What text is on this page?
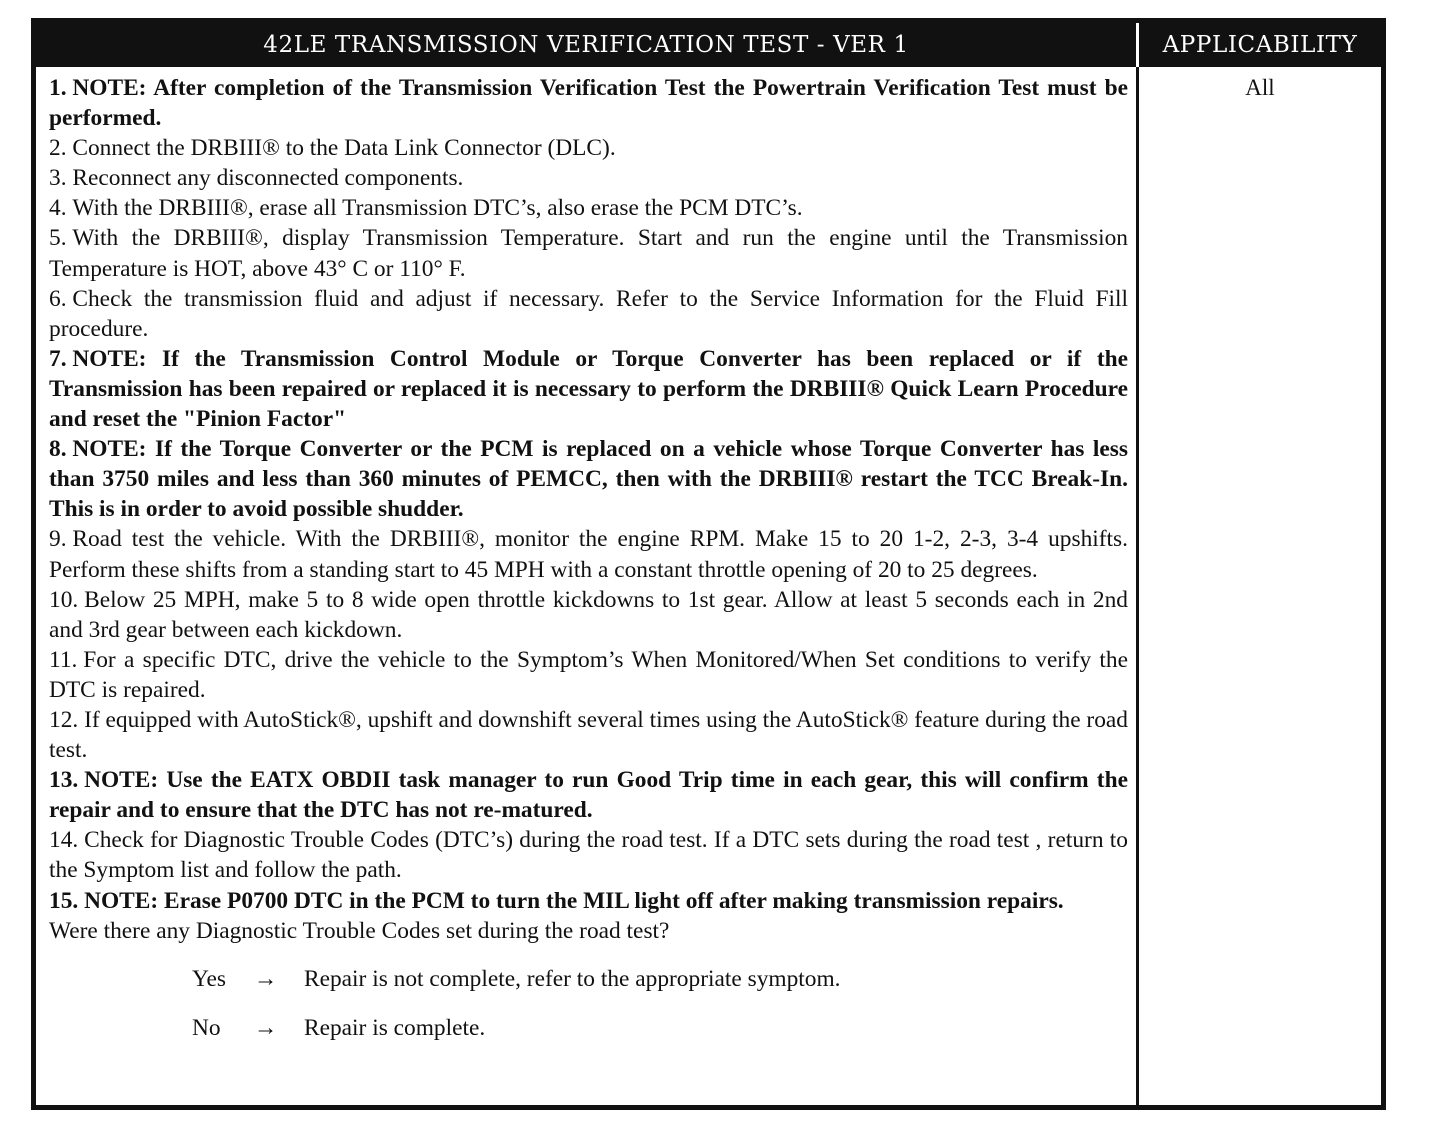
42LE TRANSMISSION VERIFICATION TEST - VER 1	APPLICABILITY

1. NOTE: After completion of the Transmission Verification Test the Powertrain Verification Test must be performed.

2. Connect the DRBIII® to the Data Link Connector (DLC).

3. Reconnect any disconnected components.

4. With the DRBIII®, erase all Transmission DTC’s, also erase the PCM DTC’s.

5. With the DRBIII®, display Transmission Temperature. Start and run the engine until the Transmission Temperature is HOT, above 43° C or 110° F.

6. Check the transmission fluid and adjust if necessary. Refer to the Service Information for the Fluid Fill procedure.

7. NOTE: If the Transmission Control Module or Torque Converter has been replaced or if the Transmission has been repaired or replaced it is necessary to perform the DRBIII® Quick Learn Procedure and reset the "Pinion Factor"

8. NOTE: If the Torque Converter or the PCM is replaced on a vehicle whose Torque Converter has less than 3750 miles and less than 360 minutes of PEMCC, then with the DRBIII® restart the TCC Break-In. This is in order to avoid possible shudder.

9. Road test the vehicle. With the DRBIII®, monitor the engine RPM. Make 15 to 20 1-2, 2-3, 3-4 upshifts. Perform these shifts from a standing start to 45 MPH with a constant throttle opening of 20 to 25 degrees.

10. Below 25 MPH, make 5 to 8 wide open throttle kickdowns to 1st gear. Allow at least 5 seconds each in 2nd and 3rd gear between each kickdown.

11. For a specific DTC, drive the vehicle to the Symptom’s When Monitored/When Set conditions to verify the DTC is repaired.

12. If equipped with AutoStick®, upshift and downshift several times using the AutoStick® feature during the road test.

13. NOTE: Use the EATX OBDII task manager to run Good Trip time in each gear, this will confirm the repair and to ensure that the DTC has not re-matured.

14. Check for Diagnostic Trouble Codes (DTC’s) during the road test. If a DTC sets during the road test , return to the Symptom list and follow the path.

15. NOTE: Erase P0700 DTC in the PCM to turn the MIL light off after making transmission repairs.

Were there any Diagnostic Trouble Codes set during the road test?

Yes	→	Repair is not complete, refer to the appropriate symptom.
No	→	Repair is complete.
All
